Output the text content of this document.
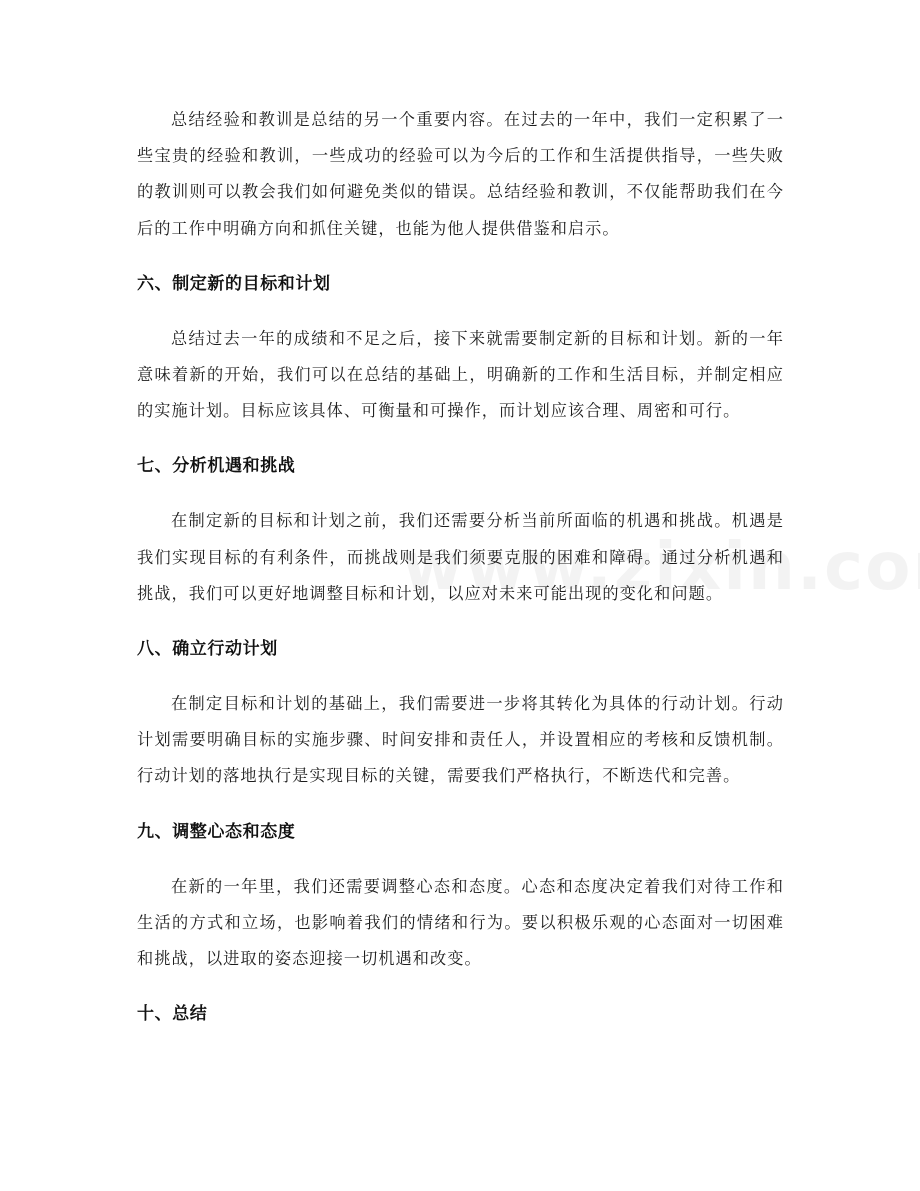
总结经验和教训是总结的另一个重要内容。在过去的一年中，我们一定积累了一些宝贵的经验和教训，一些成功的经验可以为今后的工作和生活提供指导，一些失败的教训则可以教会我们如何避免类似的错误。总结经验和教训，不仅能帮助我们在今后的工作中明确方向和抓住关键，也能为他人提供借鉴和启示。

六、制定新的目标和计划

总结过去一年的成绩和不足之后，接下来就需要制定新的目标和计划。新的一年意味着新的开始，我们可以在总结的基础上，明确新的工作和生活目标，并制定相应的实施计划。目标应该具体、可衡量和可操作，而计划应该合理、周密和可行。

七、分析机遇和挑战

在制定新的目标和计划之前，我们还需要分析当前所面临的机遇和挑战。机遇是我们实现目标的有利条件，而挑战则是我们须要克服的困难和障碍。通过分析机遇和挑战，我们可以更好地调整目标和计划，以应对未来可能出现的变化和问题。

八、确立行动计划

在制定目标和计划的基础上，我们需要进一步将其转化为具体的行动计划。行动计划需要明确目标的实施步骤、时间安排和责任人，并设置相应的考核和反馈机制。行动计划的落地执行是实现目标的关键，需要我们严格执行，不断迭代和完善。

九、调整心态和态度

在新的一年里，我们还需要调整心态和态度。心态和态度决定着我们对待工作和生活的方式和立场，也影响着我们的情绪和行为。要以积极乐观的心态面对一切困难和挑战，以进取的姿态迎接一切机遇和改变。

十、总结
